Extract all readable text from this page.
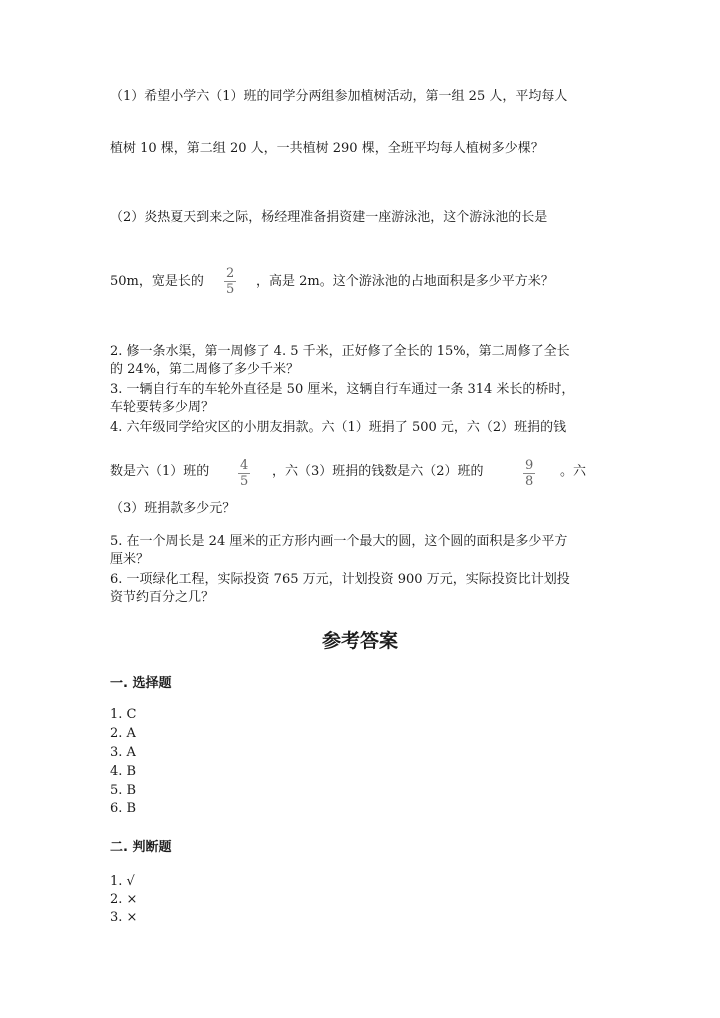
（1）希望小学六（1）班的同学分两组参加植树活动，第一组 25 人，平均每人
植树 10 棵，第二组 20 人，一共植树 290 棵，全班平均每人植树多少棵？
（2）炎热夏天到来之际，杨经理准备捐资建一座游泳池，这个游泳池的长是
50m，宽是长的 $\frac{2}{5}$ ，高是 2m。这个游泳池的占地面积是多少平方米？
2. 修一条水渠，第一周修了 4. 5 千米，正好修了全长的 15%，第二周修了全长
的 24%，第二周修了多少千米？
3. 一辆自行车的车轮外直径是 50 厘米，这辆自行车通过一条 314 米长的桥时，
车轮要转多少周？
4. 六年级同学给灾区的小朋友捐款。六（1）班捐了 500 元，六（2）班捐的钱
数是六（1）班的 $\frac{4}{5}$ ，六（3）班捐的钱数是六（2）班的	$\frac{9}{8}$ 。六
（3）班捐款多少元？
5. 在一个周长是 24 厘米的正方形内画一个最大的圆，这个圆的面积是多少平方
厘米？
6. 一项绿化工程，实际投资 765 万元，计划投资 900 万元，实际投资比计划投
资节约百分之几？
参考答案
一. 选择题
1. C
2. A
3. A
4. B
5. B
6. B
二. 判断题
1. √
2. ×
3. ×
